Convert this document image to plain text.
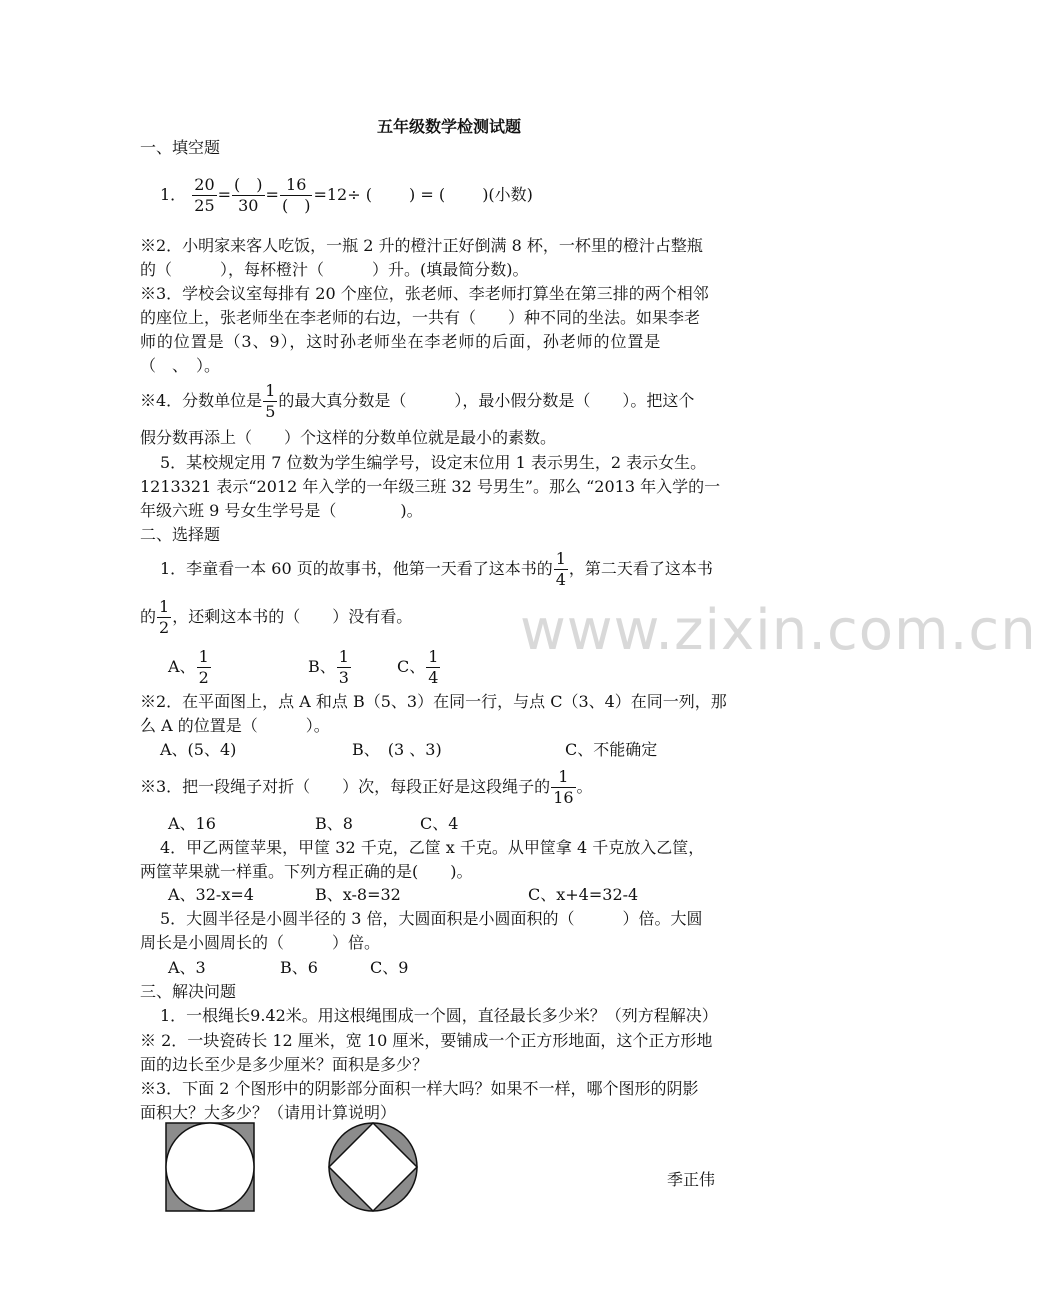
www.zixin.com.cn
五年级数学检测试题
一、填空题
1． $\frac{20}{25} = \frac{( )}{30} = \frac{16}{( )} =12\div$ (　　 ) = (　　 )(小数)
※2．小明家来客人吃饭，一瓶 2 升的橙汁正好倒满 8 杯，一杯里的橙汁占整瓶
的（　　　），每杯橙汁（　　　）升。(填最简分数)。
※3．学校会议室每排有 20 个座位，张老师、李老师打算坐在第三排的两个相邻
的座位上，张老师坐在李老师的右边，一共有（　　）种不同的坐法。如果李老
师的位置是（3、9），这时孙老师坐在李老师的后面，孙老师的位置是
（　、　）。
※4．分数单位是 $\frac{1}{5}$ 的最大真分数是（　　　），最小假分数是（　　）。把这个
假分数再添上（　　）个这样的分数单位就是最小的素数。
5．某校规定用 7 位数为学生编学号，设定末位用 1 表示男生，2 表示女生。
1213321 表示“2012 年入学的一年级三班 32 号男生”。那么 “2013 年入学的一
年级六班 9 号女生学号是（　　　　)。
二、选择题
1．李童看一本 60 页的故事书，他第一天看了这本书的 $\frac{1}{4}$ ，第二天看了这本书
的 $\frac{1}{2}$ ，还剩这本书的（　　）没有看。
A、 $\frac{1}{2}$	B、 $\frac{1}{3}$	C、 $\frac{1}{4}$
※2．在平面图上，点 A 和点 B（5、3）在同一行，与点 C（3、4）在同一列，那
么 A 的位置是（　　　）。
A、(5、4)	B、　(3 、3)	C、不能确定
※3．把一段绳子对折（　　）次，每段正好是这段绳子的 $\frac{1}{16}$ 。
A、16	B、8	C、4
4．甲乙两筐苹果，甲筐 32 千克，乙筐 x 千克。从甲筐拿 4 千克放入乙筐，
两筐苹果就一样重。下列方程正确的是(　　)。
A、32-x=4	B、x-8=32	C、x+4=32-4
5．大圆半径是小圆半径的 3 倍，大圆面积是小圆面积的（　　　）倍。大圆
周长是小圆周长的（　　　）倍。
A、3	B、6	C、9
三、解决问题
1．一根绳长9.42米。用这根绳围成一个圆，直径最长多少米？（列方程解决）
※ 2．一块瓷砖长 12 厘米，宽 10 厘米，要铺成一个正方形地面，这个正方形地
面的边长至少是多少厘米？面积是多少？
※3．下面 2 个图形中的阴影部分面积一样大吗？如果不一样，哪个图形的阴影
面积大？大多少？（请用计算说明）
季正伟
